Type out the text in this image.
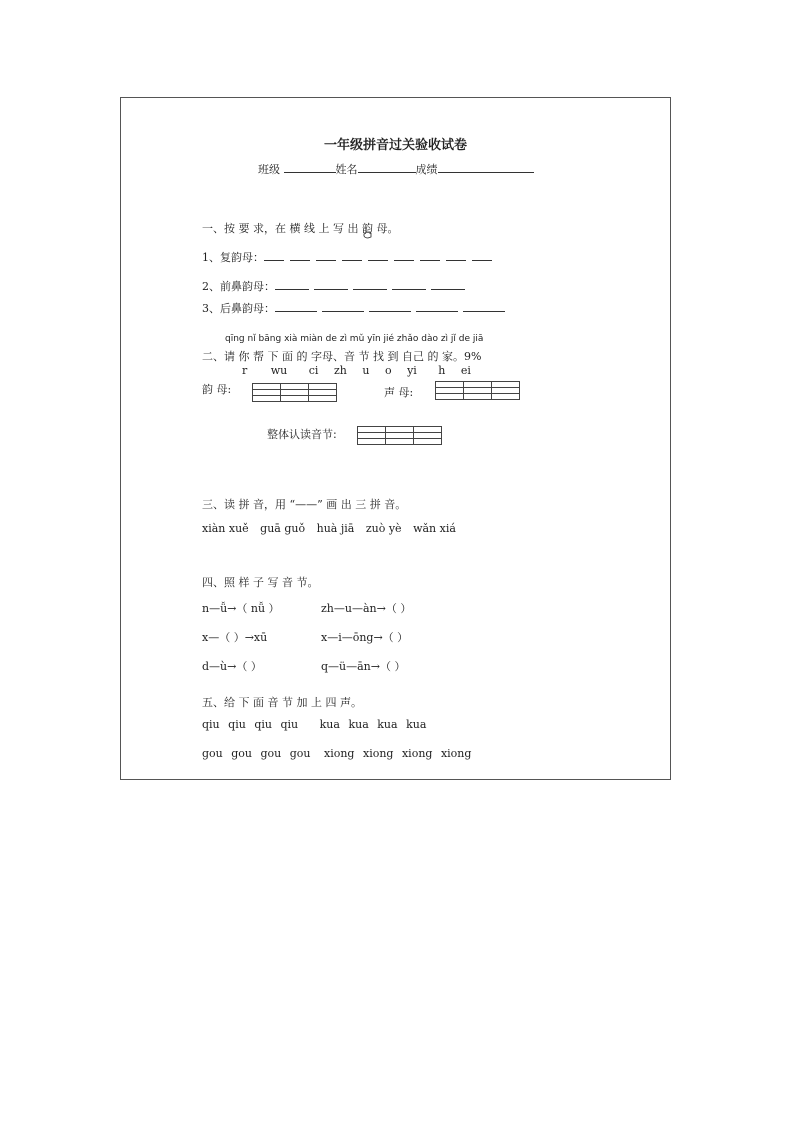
一年级拼音过关验收试卷
班级	姓名	成绩
一、按 要 求，在 横 线 上 写 出 韵 母。
1、复韵母：
2、前鼻韵母：
3、后鼻韵母：
qīng nǐ bāng xià miàn de zì mǔ yīn jié zhǎo dào zì jǐ de jiā
二、请 你 帮 下 面 的 字母、音 节 找 到 自己 的 家。9%
r wu ci zh u o yi h ei
韵 母:

			声 母:

整体认读音节:

三、读 拼 音，用 “——” 画 出 三 拼 音。
xiàn xuě guā guǒ huà jiā zuò yè wǎn xiá
四、照 样 子 写 音 节。
n—ǚ→（ nǚ ）	zh—u—àn→（ ）
x—（ ）→xū	x—i—ōng→（ ）
d—ù→（ ）	q—ü—ān→（ ）
五、给 下 面 音 节 加 上 四 声。
qiu qiu qiu qiu kua kua kua kua
gou gou gou gou xiong xiong xiong xiong
